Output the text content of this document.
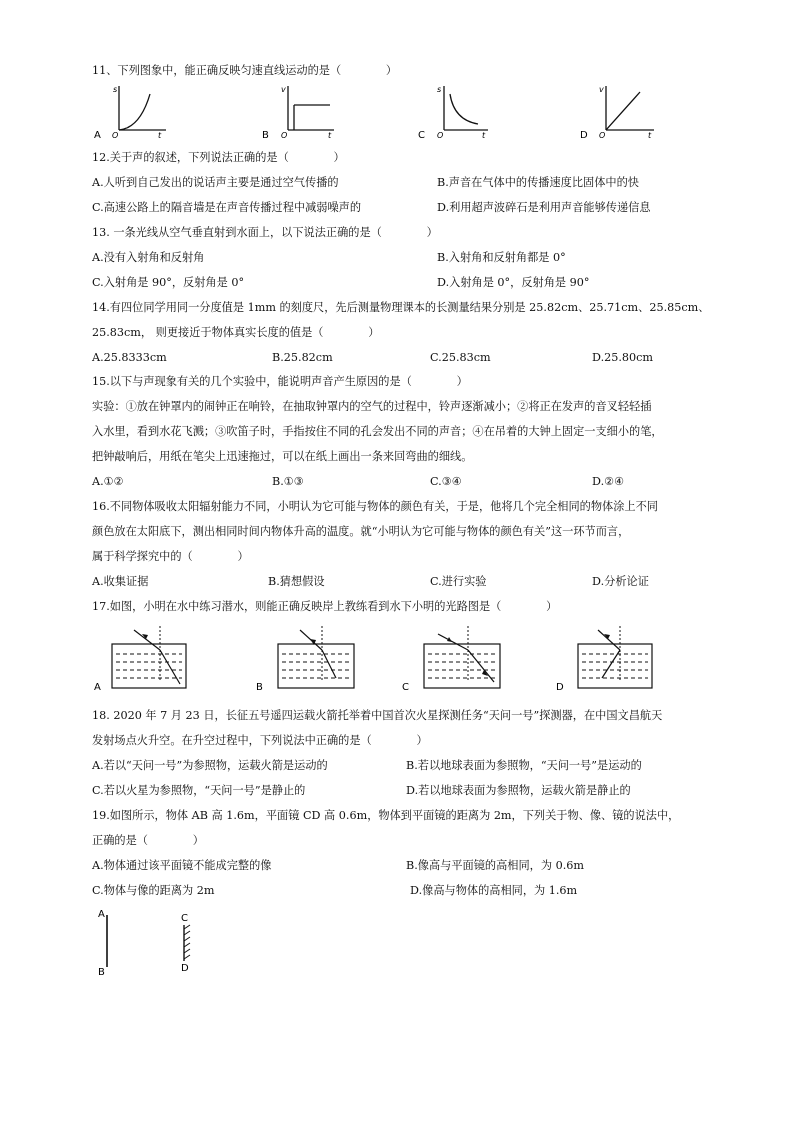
11、下列图象中，能正确反映匀速直线运动的是（　　　　）
A
s
O	t	B
v
O	t	C
s
O	t	D
v
O	t
12.关于声的叙述，下列说法正确的是（　　　　）
A.人听到自己发出的说话声主要是通过空气传播的	B.声音在气体中的传播速度比固体中的快
C.高速公路上的隔音墙是在声音传播过程中减弱噪声的	D.利用超声波碎石是利用声音能够传递信息
13. 一条光线从空气垂直射到水面上，以下说法正确的是（　　　　）
A.没有入射角和反射角	B.入射角和反射角都是 0°
C.入射角是 90°，反射角是 0°	D.入射角是 0°，反射角是 90°
14.有四位同学用同一分度值是 1mm 的刻度尺，先后测量物理课本的长测量结果分别是 25.82cm、25.71cm、25.85cm、
25.83cm， 则更接近于物体真实长度的值是（　　　　）
A.25.8333cm	B.25.82cm	C.25.83cm	D.25.80cm
15.以下与声现象有关的几个实验中，能说明声音产生原因的是（　　　　）
实验：①放在钟罩内的闹钟正在响铃，在抽取钟罩内的空气的过程中，铃声逐渐减小；②将正在发声的音叉轻轻插
入水里，看到水花飞溅；③吹笛子时，手指按住不同的孔会发出不同的声音；④在吊着的大钟上固定一支细小的笔，
把钟敲响后，用纸在笔尖上迅速拖过，可以在纸上画出一条来回弯曲的细线。
A.①②	B.①③	C.③④	D.②④
16.不同物体吸收太阳辐射能力不同，小明认为它可能与物体的颜色有关，于是，他将几个完全相同的物体涂上不同
颜色放在太阳底下，测出相同时间内物体升高的温度。就“小明认为它可能与物体的颜色有关”这一环节而言，
属于科学探究中的（　　　　）
A.收集证据	B.猜想假设	C.进行实验	D.分析论证
17.如图，小明在水中练习潜水，则能正确反映岸上教练看到水下小明的光路图是（　　　　）
A	B	C	D
18. 2020 年 7 月 23 日，长征五号遥四运载火箭托举着中国首次火星探测任务“天问一号”探测器，在中国文昌航天
发射场点火升空。在升空过程中，下列说法中正确的是（　　　　）
A.若以“天问一号”为参照物，运载火箭是运动的	B.若以地球表面为参照物，“天问一号”是运动的
C.若以火星为参照物，“天问一号”是静止的	D.若以地球表面为参照物，运载火箭是静止的
19.如图所示，物体 AB 高 1.6m，平面镜 CD 高 0.6m，物体到平面镜的距离为 2m，下列关于物、像、镜的说法中，
正确的是（　　　　）
A.物体通过该平面镜不能成完整的像	B.像高与平面镜的高相同，为 0.6m
C.物体与像的距离为 2m	D.像高与物体的高相同，为 1.6m
A
B
C
D
